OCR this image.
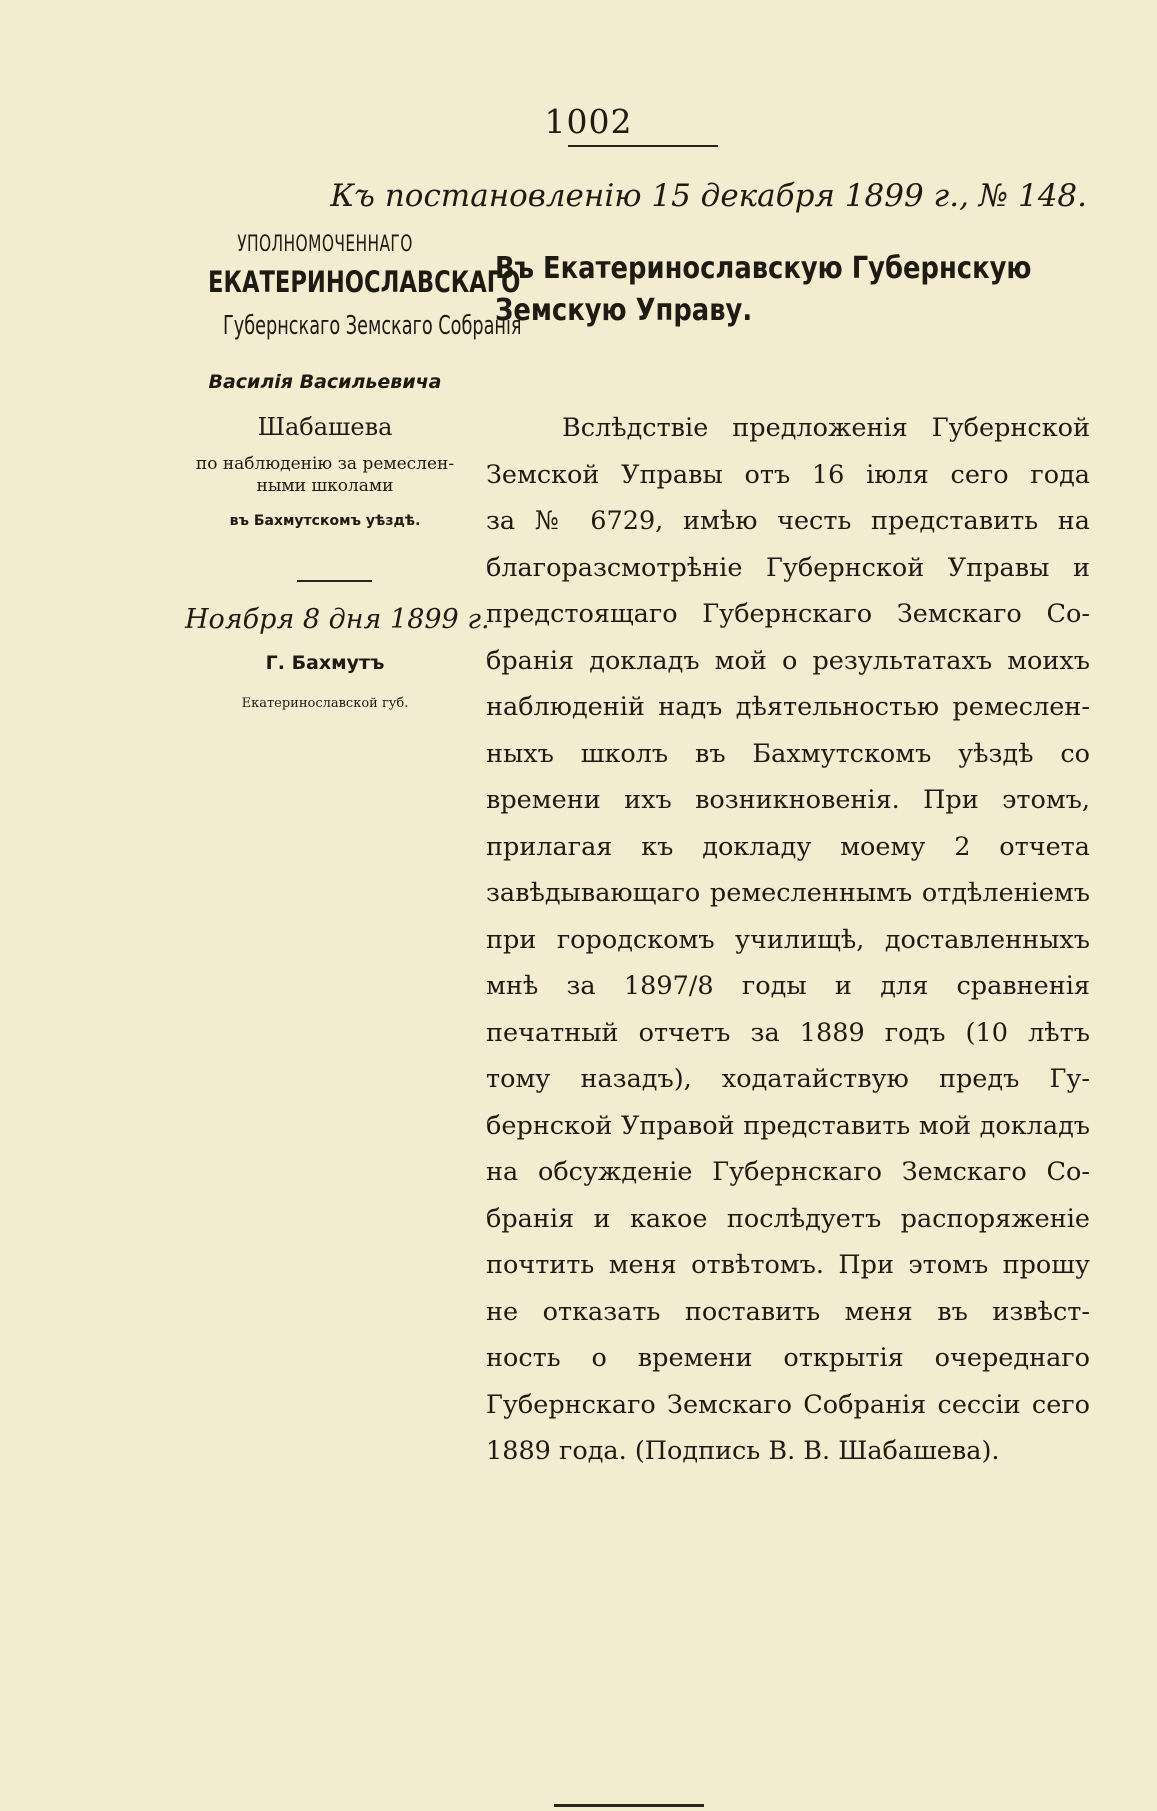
1002
Къ постановленію 15 декабря 1899 г., № 148.
УПОЛНОМОЧЕННАГО
ЕКАТЕРИНОСЛАВСКАГО
Губернскаго Земскаго Собранія
Василія Васильевича
Шабашева
по наблюденію за ремеслен-
ными школами
въ Бахмутскомъ уѣздѣ.
Ноября 8 дня 1899 г.
Г. Бахмутъ
Екатеринославской губ.
Въ Екатеринославскую Губернскую
Земскую Управу.
Вслѣдствіе предложенія Губернской
Земской Управы отъ 16 іюля сего года
за № 6729, имѣю честь представить на
благоразсмотрѣніе Губернской Управы и
предстоящаго Губернскаго Земскаго Со-
бранія докладъ мой о результатахъ моихъ
наблюденій надъ дѣятельностью ремеслен-
ныхъ школъ въ Бахмутскомъ уѣздѣ со
времени ихъ возникновенія. При этомъ,
прилагая къ докладу моему 2 отчета
завѣдывающаго ремесленнымъ отдѣленіемъ
при городскомъ училищѣ, доставленныхъ
мнѣ за 1897/8 годы и для сравненія
печатный отчетъ за 1889 годъ (10 лѣтъ
тому назадъ), ходатайствую предъ Гу-
бернской Управой представить мой докладъ
на обсужденіе Губернскаго Земскаго Со-
бранія и какое послѣдуетъ распоряженіе
почтить меня отвѣтомъ. При этомъ прошу
не отказать поставить меня въ извѣст-
ность о времени открытія очереднаго
Губернскаго Земскаго Собранія сессіи сего
1889 года. (Подпись В. В. Шабашева).
